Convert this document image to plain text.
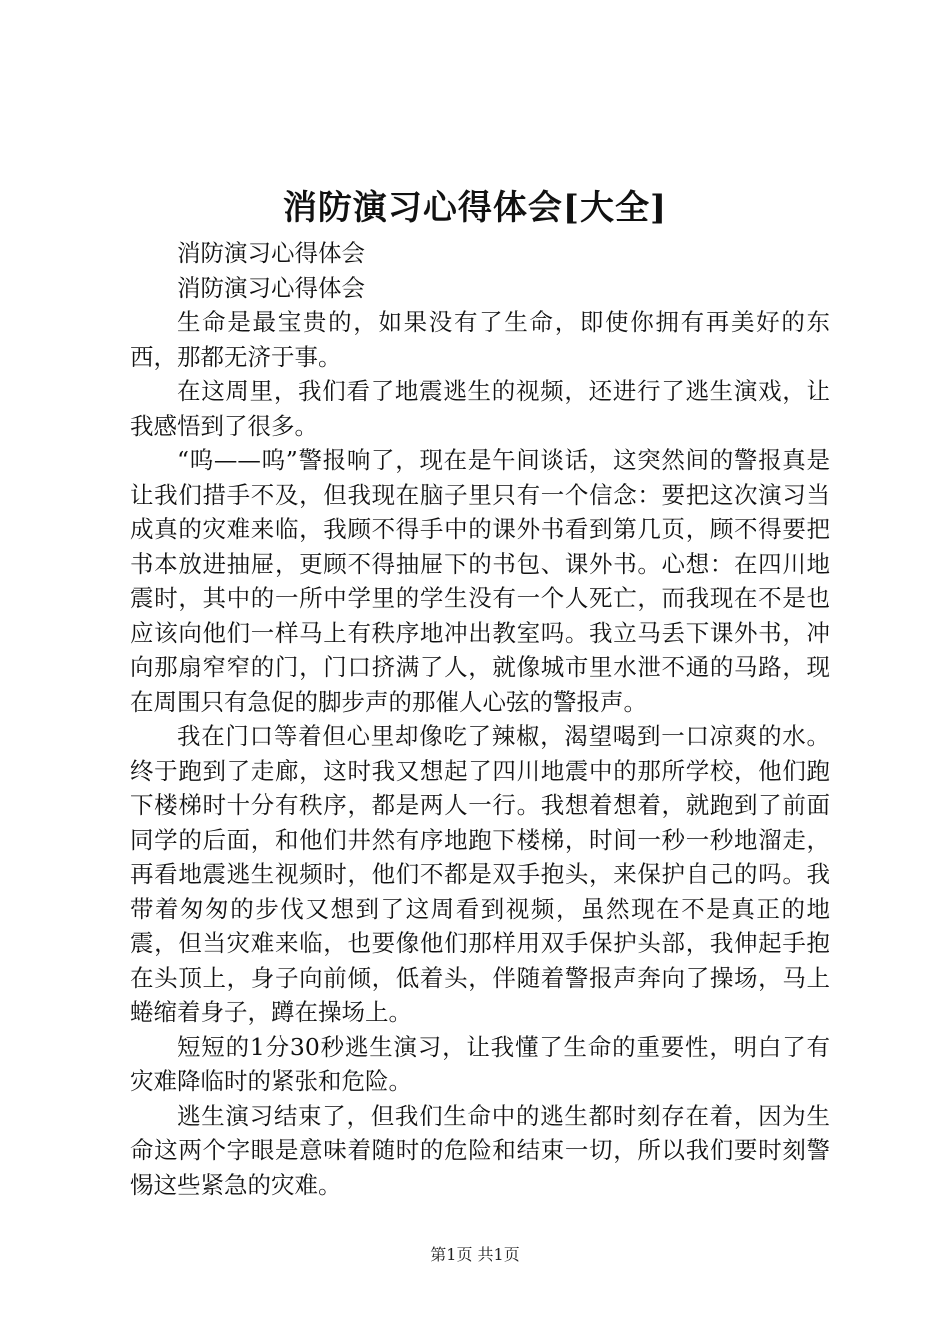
消防演习心得体会[大全]

消防演习心得体会

消防演习心得体会

生命是最宝贵的，如果没有了生命，即使你拥有再美好的东西，那都无济于事。

在这周里，我们看了地震逃生的视频，还进行了逃生演戏，让我感悟到了很多。

“呜——呜”警报响了，现在是午间谈话，这突然间的警报真是让我们措手不及，但我现在脑子里只有一个信念：要把这次演习当成真的灾难来临，我顾不得手中的课外书看到第几页，顾不得要把书本放进抽屉，更顾不得抽屉下的书包、课外书。心想：在四川地震时，其中的一所中学里的学生没有一个人死亡，而我现在不是也应该向他们一样马上有秩序地冲出教室吗。我立马丢下课外书，冲向那扇窄窄的门，门口挤满了人，就像城市里水泄不通的马路，现在周围只有急促的脚步声的那催人心弦的警报声。

我在门口等着但心里却像吃了辣椒，渴望喝到一口凉爽的水。终于跑到了走廊，这时我又想起了四川地震中的那所学校，他们跑下楼梯时十分有秩序，都是两人一行。我想着想着，就跑到了前面同学的后面，和他们井然有序地跑下楼梯，时间一秒一秒地溜走，再看地震逃生视频时，他们不都是双手抱头，来保护自己的吗。我带着匆匆的步伐又想到了这周看到视频，虽然现在不是真正的地震，但当灾难来临，也要像他们那样用双手保护头部，我伸起手抱在头顶上，身子向前倾，低着头，伴随着警报声奔向了操场，马上蜷缩着身子，蹲在操场上。

短短的1分30秒逃生演习，让我懂了生命的重要性，明白了有灾难降临时的紧张和危险。

逃生演习结束了，但我们生命中的逃生都时刻存在着，因为生命这两个字眼是意味着随时的危险和结束一切，所以我们要时刻警惕这些紧急的灾难。

第1页 共1页
